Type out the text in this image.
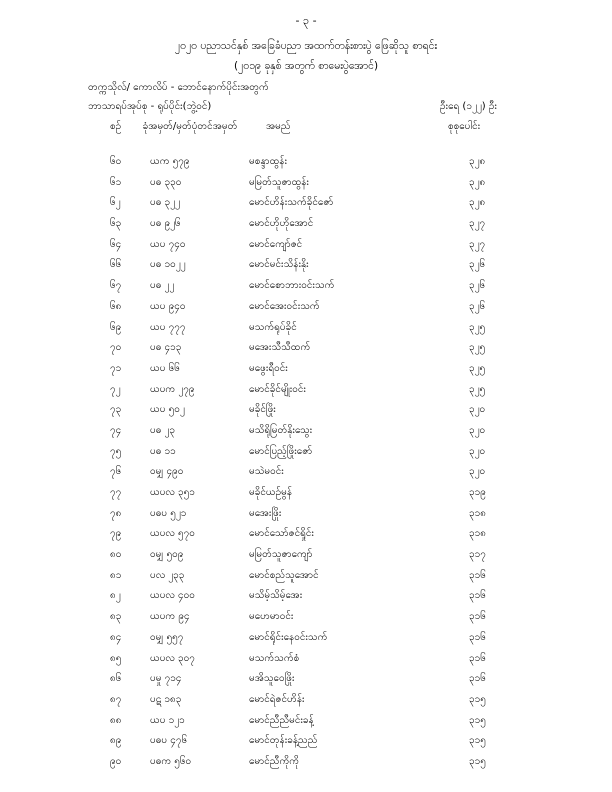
- ၃ -
၂၀၂၀ ပညာသင်နှစ် အခြေခံပညာ အထက်တန်းစားပွဲ ဖြေဆိုသူ စာရင်း
(၂၀၁၉ ခုနှစ် အတွက် စာမေးပွဲအောင်)
တက္ကသိုလ်/ ကောလိပ် - ဘောင်နောက်ပိုင်းအတွက်
ဘာသာရပ်အုပ်စု - ရုပ်ပိုင်း(ဘွဲ့ဝင်)	ဦးရေ (၁၂၂) ဦး
စဉ်	ခုံအမှတ်/မှတ်ပုံတင်အမှတ်	အမည်	စုစုပေါင်း
၆၀	ယက ၅၇၉	မစန္ဒာထွန်း	၃၂၈
၆၁	ပဓ ၃၃၀	မမြတ်သူဇာထွန်း	၃၂၈
၆၂	ပဓ ၃၂၂	မောင်ဟိန်းသက်ခိုင်ဇော်	၃၂၈
၆၃	ပဓ ၉၂၆	မောင်ဟိုဟိုအောင်	၃၂၇
၆၄	ယပ ၇၄၀	မောင်ကျော်ဇင်	၃၂၇
၆၆	ပဓ ၁၀၂၂	မောင်မင်းသိန်းနိုး	၃၂၆
၆၇	ပဓ ၂၂	မောင်စောဘားဝင်းသက်	၃၂၆
၆၈	ယပ ၉၄၀	မောင်အေးဝင်းသက်	၃၂၆
၆၉	ယပ ၇၇၇	မသက်ရုပ်ခိုင်	၃၂၅
၇၀	ပဓ ၄၁၃	မအေးသီသီထက်	၃၂၅
၇၁	ယပ ၆၆	မဖွေးရီဝင်း	၃၂၅
၇၂	ယပက ၂၇၉	မောင်ခိုင်မျိုးဝင်း	၃၂၅
၇၃	ယပ ၅၀၂	မခိုင်ဖြိုး	၃၂၀
၇၄	ပဓ ၂၃	မသိရိုမြတ်နိုးသွေး	၃၂၀
၇၅	ပဓ ၁၁	မောင်ပြည့်ဖြိုးဇော်	၃၂၀
၇၆	ဝမျှ ၄၉၀	မသဲမဝင်း	၃၂၀
၇၇	ယပလ ၃၅၁	မခိုင်ယဉ်မွန်	၃၁၉
၇၈	ပဓပ ၅၂၁	မအေးဖြိုး	၃၁၈
၇၉	ယပလ ၅၇၀	မောင်သော်ဇင်ရှိုင်း	၃၁၈
၈၀	ဝမျှ ၅၀၉	မမြတ်သူဇာကျော်	၃၁၇
၈၁	ပလ ၂၃၃	မောင်စည်သူအောင်	၃၁၆
၈၂	ယပလ ၄၀၀	မသိမ့်သိမ့်အေး	၃၁၆
၈၃	ယပက ၉၄	မဟေမာဝင်း	၃၁၆
၈၄	ဝမျှ ၅၅၇	မောင်ရိုင်းနေဝင်းသက်	၃၁၆
၈၅	ယပလ ၃၀၇	မသက်သက်စံ	၃၁၆
၈၆	ပမှု ၇၁၄	မအိသူဝေဖြိုး	၃၁၆
၈၇	ပဋ ၁၈၃	မောင်ရဲဇင်ဟိန်း	၃၁၅
၈၈	ယပ ၁၂၁	မောင်ညီညီမင်းခန့်	၃၁၅
၈၉	ပဓပ ၄၇၆	မောင်တုန်းခန့်ညည်	၃၁၅
၉၀	ပဓက ၅၆၀	မောင်ညီကိုကို	၃၁၅
